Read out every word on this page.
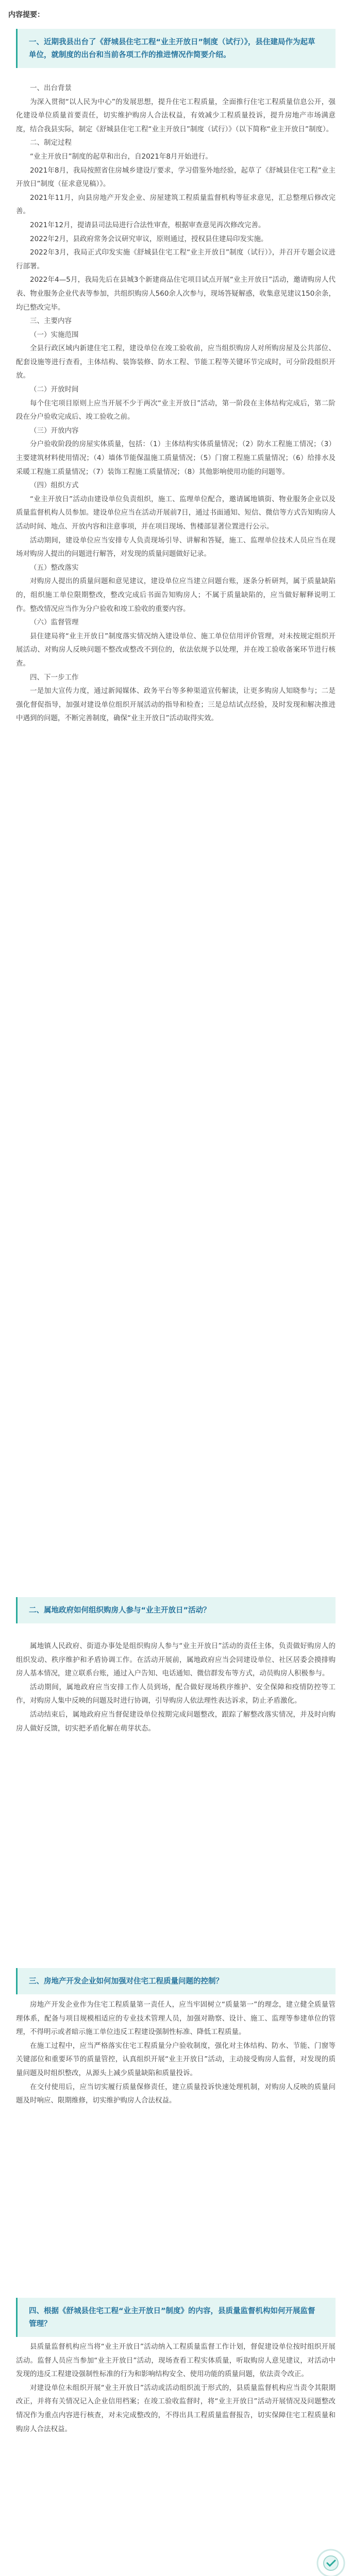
内容提要：
一、近期我县出台了《舒城县住宅工程“业主开放日”制度（试行）》，县住建局作为起草单位，就制度的出台和当前各项工作的推进情况作简要介绍。

一、出台背景

为深入贯彻“以人民为中心”的发展思想，提升住宅工程质量，全面推行住宅工程质量信息公开，强化建设单位质量首要责任，切实维护购房人合法权益，有效减少工程质量投诉，提升房地产市场满意度，结合我县实际，制定《舒城县住宅工程“业主开放日”制度（试行）》（以下简称“业主开放日”制度）。

二、制定过程

“业主开放日”制度的起草和出台，自2021年8月开始进行。

2021年8月，我局按照省住房城乡建设厅要求，学习借鉴外地经验，起草了《舒城县住宅工程“业主开放日”制度（征求意见稿）》。

2021年11月，向县房地产开发企业、房屋建筑工程质量监督机构等征求意见，汇总整理后修改完善。

2021年12月，提请县司法局进行合法性审查，根据审查意见再次修改完善。

2022年2月，县政府常务会议研究审议，原则通过，授权县住建局印发实施。

2022年3月，我局正式印发实施《舒城县住宅工程“业主开放日”制度（试行）》，并召开专题会议进行部署。

2022年4—5月，我局先后在县城3个新建商品住宅项目试点开展“业主开放日”活动，邀请购房人代表、物业服务企业代表等参加，共组织购房人560余人次参与，现场答疑解惑，收集意见建议150余条，均已整改完毕。

三、主要内容

（一）实施范围

全县行政区域内新建住宅工程，建设单位在竣工验收前，应当组织购房人对所购房屋及公共部位、配套设施等进行查看，主体结构、装饰装修、防水工程、节能工程等关键环节完成时，可分阶段组织开放。

（二）开放时间

每个住宅项目原则上应当开展不少于两次“业主开放日”活动，第一阶段在主体结构完成后，第二阶段在分户验收完成后、竣工验收之前。

（三）开放内容

分户验收阶段的房屋实体质量，包括：（1）主体结构实体质量情况；（2）防水工程施工情况；（3）主要建筑材料使用情况；（4）墙体节能保温施工质量情况；（5）门窗工程施工质量情况；（6）给排水及采暖工程施工质量情况；（7）装饰工程施工质量情况；（8）其他影响使用功能的问题等。

（四）组织方式

“业主开放日”活动由建设单位负责组织，施工、监理单位配合，邀请属地镇街、物业服务企业以及质量监督机构人员参加。建设单位应当在活动开展前7日，通过书面通知、短信、微信等方式告知购房人活动时间、地点、开放内容和注意事项，并在项目现场、售楼部显著位置进行公示。

活动期间，建设单位应当安排专人负责现场引导、讲解和答疑，施工、监理单位技术人员应当在现场对购房人提出的问题进行解答，对发现的质量问题做好记录。

（五）整改落实

对购房人提出的质量问题和意见建议，建设单位应当建立问题台账，逐条分析研判，属于质量缺陷的，组织施工单位限期整改，整改完成后书面告知购房人；不属于质量缺陷的，应当做好解释说明工作。整改情况应当作为分户验收和竣工验收的重要内容。

（六）监督管理

县住建局将“业主开放日”制度落实情况纳入建设单位、施工单位信用评价管理，对未按规定组织开展活动、对购房人反映问题不整改或整改不到位的，依法依规予以处理，并在竣工验收备案环节进行核查。

四、下一步工作

一是加大宣传力度，通过新闻媒体、政务平台等多种渠道宣传解读，让更多购房人知晓参与；二是强化督促指导，加强对建设单位组织开展活动的指导和检查；三是总结试点经验，及时发现和解决推进中遇到的问题，不断完善制度，确保“业主开放日”活动取得实效。

二、属地政府如何组织购房人参与“业主开放日”活动？

属地镇人民政府、街道办事处是组织购房人参与“业主开放日”活动的责任主体，负责做好购房人的组织发动、秩序维护和矛盾协调工作。在活动开展前，属地政府应当会同建设单位、社区居委会摸排购房人基本情况，建立联系台账，通过入户告知、电话通知、微信群发布等方式，动员购房人积极参与。

活动期间，属地政府应当安排工作人员到场，配合做好现场秩序维护、安全保障和疫情防控等工作，对购房人集中反映的问题及时进行协调，引导购房人依法理性表达诉求，防止矛盾激化。

活动结束后，属地政府应当督促建设单位按期完成问题整改，跟踪了解整改落实情况，并及时向购房人做好反馈，切实把矛盾化解在萌芽状态。

三、房地产开发企业如何加强对住宅工程质量问题的控制？

房地产开发企业作为住宅工程质量第一责任人，应当牢固树立“质量第一”的理念，建立健全质量管理体系，配备与项目规模相适应的专业技术管理人员，加强对勘察、设计、施工、监理等参建单位的管理，不得明示或者暗示施工单位违反工程建设强制性标准、降低工程质量。

在施工过程中，应当严格落实住宅工程质量分户验收制度，强化对主体结构、防水、节能、门窗等关键部位和重要环节的质量管控，认真组织开展“业主开放日”活动，主动接受购房人监督，对发现的质量问题及时组织整改，从源头上减少质量缺陷和质量投诉。

在交付使用后，应当切实履行质量保修责任，建立质量投诉快速处理机制，对购房人反映的质量问题及时响应、限期维修，切实维护购房人合法权益。

四、根据《舒城县住宅工程“业主开放日”制度》的内容，县质量监督机构如何开展监督管理？

县质量监督机构应当将“业主开放日”活动纳入工程质量监督工作计划，督促建设单位按时组织开展活动。监督人员应当参加“业主开放日”活动，现场查看工程实体质量，听取购房人意见建议，对活动中发现的违反工程建设强制性标准的行为和影响结构安全、使用功能的质量问题，依法责令改正。

对建设单位未组织开展“业主开放日”活动或活动组织流于形式的，县质量监督机构应当责令其限期改正，并将有关情况记入企业信用档案；在竣工验收监督时，将“业主开放日”活动开展情况及问题整改情况作为重点内容进行核查，对未完成整改的，不得出具工程质量监督报告，切实保障住宅工程质量和购房人合法权益。
